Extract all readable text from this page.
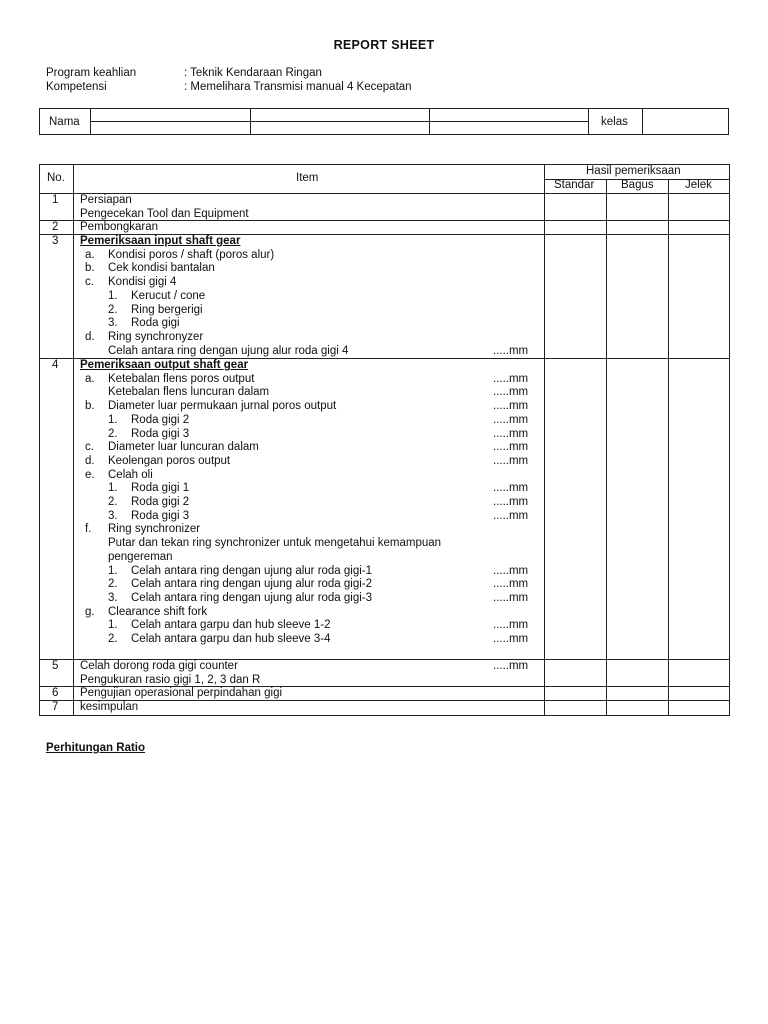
REPORT SHEET
Program keahlian	: Teknik Kendaraan Ringan
Kompetensi	: Memelihara Transmisi manual 4 Kecepatan
Nama	kelas
No.	Item
Hasil pemeriksaan
Standar Bagus	Jelek
1 Persiapan
Pengecekan Tool dan Equipment
2 Pembongkaran
3 Pemeriksaan input shaft gear
a. Kondisi poros / shaft (poros alur)
b. Cek kondisi bantalan
c. Kondisi gigi 4
1. Kerucut / cone
2. Ring bergerigi
3. Roda gigi
d. Ring synchronyzer
Celah antara ring dengan ujung alur roda gigi 4	.....mm
4 Pemeriksaan output shaft gear
a. Ketebalan flens poros output	.....mm
Ketebalan flens luncuran dalam	.....mm
b. Diameter luar permukaan jurnal poros output	.....mm
1. Roda gigi 2	.....mm
2. Roda gigi 3	.....mm
c. Diameter luar luncuran dalam	.....mm
d. Keolengan poros output	.....mm
e. Celah oli
1. Roda gigi 1	.....mm
2. Roda gigi 2	.....mm
3. Roda gigi 3	.....mm
f. Ring synchronizer
Putar dan tekan ring synchronizer untuk mengetahui kemampuan
pengereman
1. Celah antara ring dengan ujung alur roda gigi-1	.....mm
2. Celah antara ring dengan ujung alur roda gigi-2	.....mm
3. Celah antara ring dengan ujung alur roda gigi-3	.....mm
g. Clearance shift fork
1. Celah antara garpu dan hub sleeve 1-2	.....mm
2. Celah antara garpu dan hub sleeve 3-4	.....mm
5 Celah dorong roda gigi counter	.....mm
Pengukuran rasio gigi 1, 2, 3 dan R
6 Pengujian operasional perpindahan gigi
7 kesimpulan
Perhitungan Ratio
